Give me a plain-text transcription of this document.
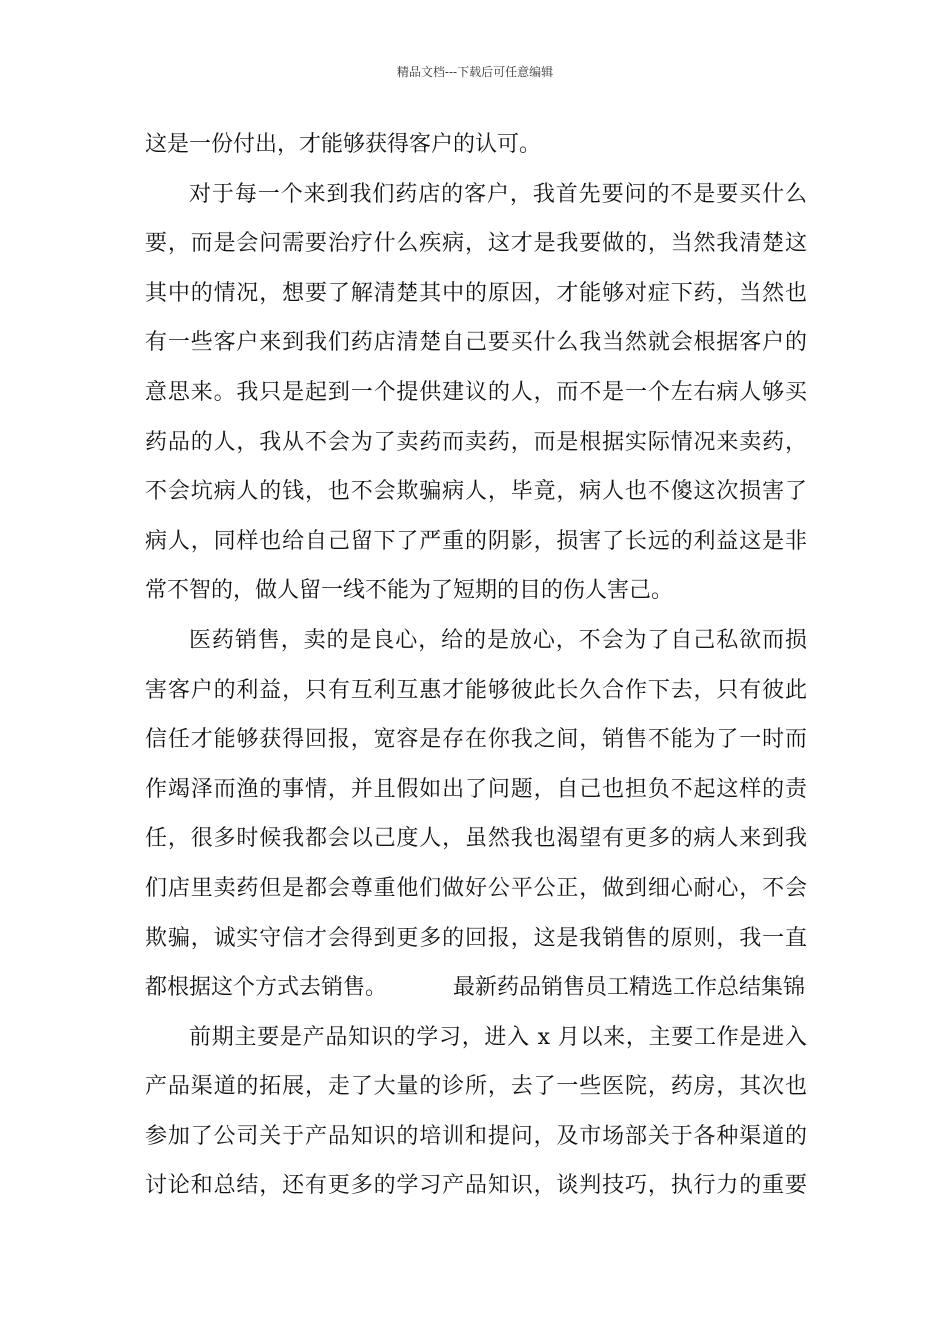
精品文档---下载后可任意编辑
这是一份付出，才能够获得客户的认可。
对于每一个来到我们药店的客户，我首先要问的不是要买什么
要，而是会问需要治疗什么疾病，这才是我要做的，当然我清楚这
其中的情况，想要了解清楚其中的原因，才能够对症下药，当然也
有一些客户来到我们药店清楚自己要买什么我当然就会根据客户的
意思来。我只是起到一个提供建议的人，而不是一个左右病人够买
药品的人，我从不会为了卖药而卖药，而是根据实际情况来卖药，
不会坑病人的钱，也不会欺骗病人，毕竟，病人也不傻这次损害了
病人，同样也给自己留下了严重的阴影，损害了长远的利益这是非
常不智的，做人留一线不能为了短期的目的伤人害己。
医药销售，卖的是良心，给的是放心，不会为了自己私欲而损
害客户的利益，只有互利互惠才能够彼此长久合作下去，只有彼此
信任才能够获得回报，宽容是存在你我之间，销售不能为了一时而
作竭泽而渔的事情，并且假如出了问题，自己也担负不起这样的责
任，很多时候我都会以己度人，虽然我也渴望有更多的病人来到我
们店里卖药但是都会尊重他们做好公平公正，做到细心耐心，不会
欺骗，诚实守信才会得到更多的回报，这是我销售的原则，我一直
都根据这个方式去销售。	最新药品销售员工精选工作总结集锦
前期主要是产品知识的学习，进入 x 月以来，主要工作是进入
产品渠道的拓展，走了大量的诊所，去了一些医院，药房，其次也
参加了公司关于产品知识的培训和提问，及市场部关于各种渠道的
讨论和总结，还有更多的学习产品知识，谈判技巧，执行力的重要
